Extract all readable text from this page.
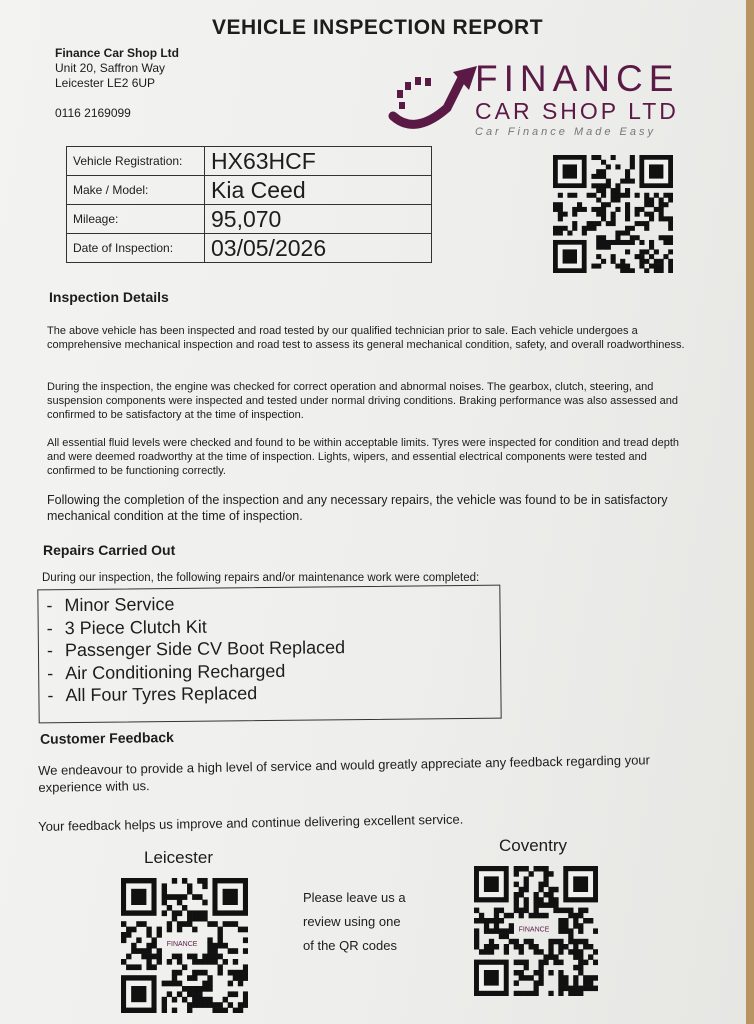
VEHICLE INSPECTION REPORT
Finance Car Shop Ltd
Unit 20, Saffron Way
Leicester LE2 6UP
0116 2169099
FINANCE
CAR SHOP LTD
Car Finance Made Easy
Vehicle Registration:	HX63HCF
Make / Model:	Kia Ceed
Mileage:	95,070
Date of Inspection:	03/05/2026
Inspection Details

The above vehicle has been inspected and road tested by our qualified technician prior to sale. Each vehicle undergoes a comprehensive mechanical inspection and road test to assess its general mechanical condition, safety, and overall roadworthiness.

During the inspection, the engine was checked for correct operation and abnormal noises. The gearbox, clutch, steering, and suspension components were inspected and tested under normal driving conditions. Braking performance was also assessed and confirmed to be satisfactory at the time of inspection.

All essential fluid levels were checked and found to be within acceptable limits. Tyres were inspected for condition and tread depth and were deemed roadworthy at the time of inspection. Lights, wipers, and essential electrical components were tested and confirmed to be functioning correctly.

Following the completion of the inspection and any necessary repairs, the vehicle was found to be in satisfactory mechanical condition at the time of inspection.

Repairs Carried Out
During our inspection, the following repairs and/or maintenance work were completed:
- Minor Service
- 3 Piece Clutch Kit
- Passenger Side CV Boot Replaced
- Air Conditioning Recharged
- All Four Tyres Replaced
Customer Feedback

We endeavour to provide a high level of service and would greatly appreciate any feedback regarding your experience with us.

Your feedback helps us improve and continue delivering excellent service.

Leicester
Coventry
FINANCE
FINANCE
Please leave us a
review using one
of the QR codes
